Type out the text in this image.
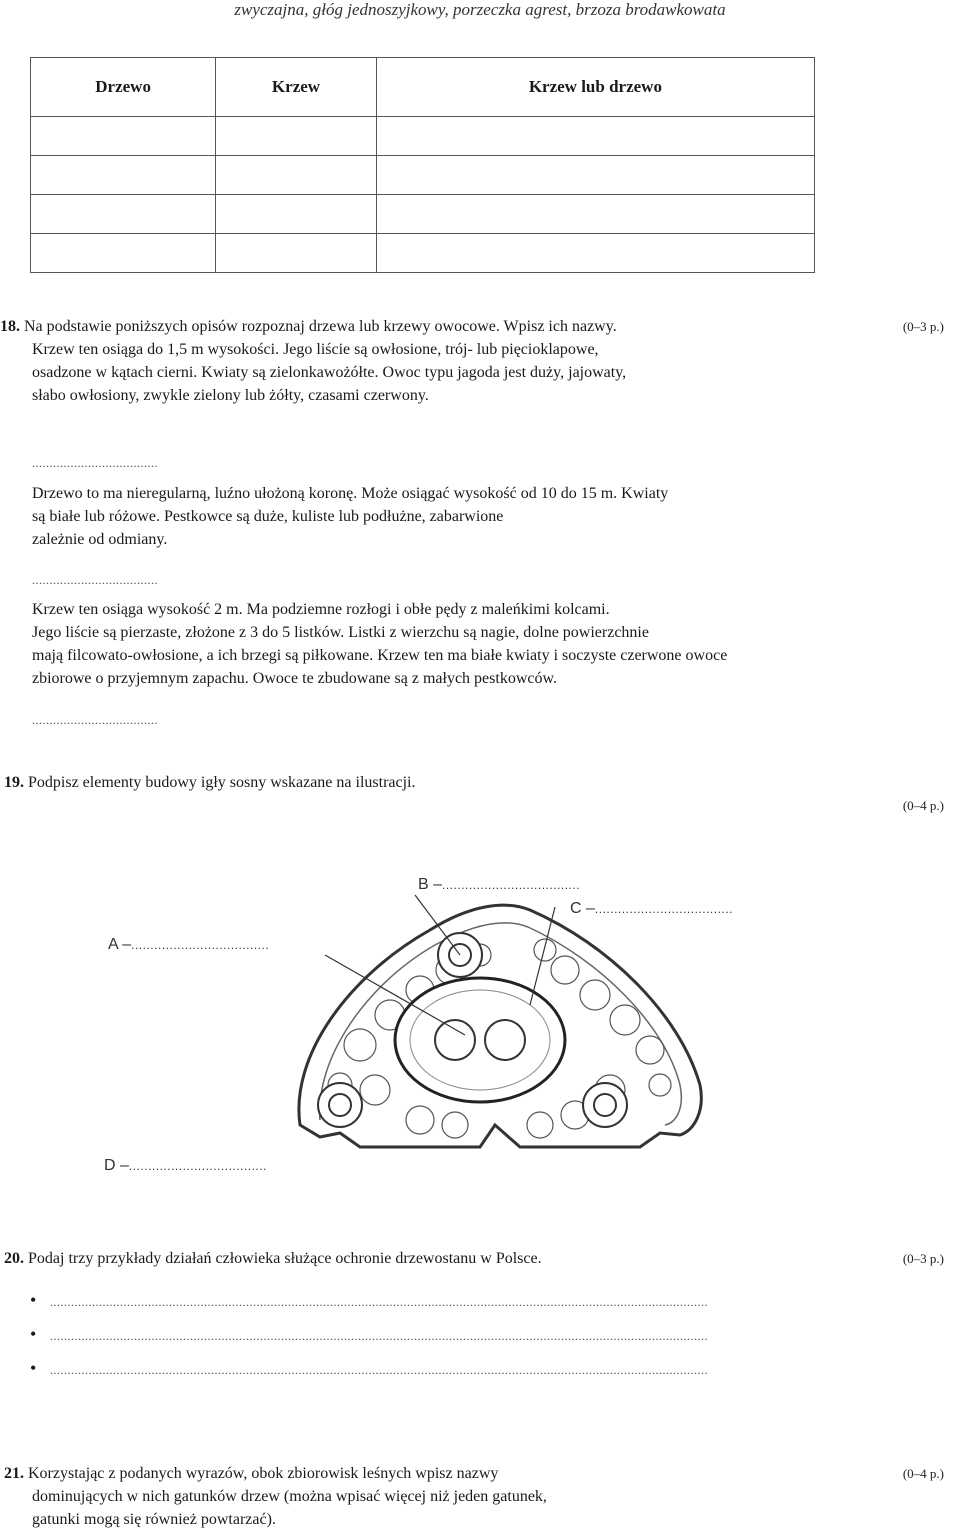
zwyczajna, głóg jednoszyjkowy, porzeczka agrest, brzoza brodawkowata
Drzewo	Krzew	Krzew lub drzewo

18. Na podstawie poniższych opisów rozpoznaj drzewa lub krzewy owocowe. Wpisz ich nazwy.	(0–3 p.)
Krzew ten osiąga do 1,5 m wysokości. Jego liście są owłosione, trój- lub pięcioklapowe,
osadzone w kątach cierni. Kwiaty są zielonkawożółte. Owoc typu jagoda jest duży, jajowaty,
słabo owłosiony, zwykle zielony lub żółty, czasami czerwony.
....................................
Drzewo to ma nieregularną, luźno ułożoną koronę. Może osiągać wysokość od 10 do 15 m. Kwiaty
są białe lub różowe. Pestkowce są duże, kuliste lub podłużne, zabarwione
zależnie od odmiany.
....................................
Krzew ten osiąga wysokość 2 m. Ma podziemne rozłogi i obłe pędy z maleńkimi kolcami.
Jego liście są pierzaste, złożone z 3 do 5 listków. Listki z wierzchu są nagie, dolne powierzchnie
mają filcowato-owłosione, a ich brzegi są piłkowane. Krzew ten ma białe kwiaty i soczyste czerwone owoce
zbiorowe o przyjemnym zapachu. Owoce te zbudowane są z małych pestkowców.
....................................
19. Podpisz elementy budowy igły sosny wskazane na ilustracji.
(0–4 p.)
B –....................................
C –....................................
A –....................................
D –....................................
20. Podaj trzy przykłady działań człowieka służące ochronie drzewostanu w Polsce.	(0–3 p.)
•	............................................................................................................................................................................................
•	............................................................................................................................................................................................
•	............................................................................................................................................................................................
21. Korzystając z podanych wyrazów, obok zbiorowisk leśnych wpisz nazwy
dominujących w nich gatunków drzew (można wpisać więcej niż jeden gatunek,
gatunki mogą się również powtarzać).
(0–4 p.)
